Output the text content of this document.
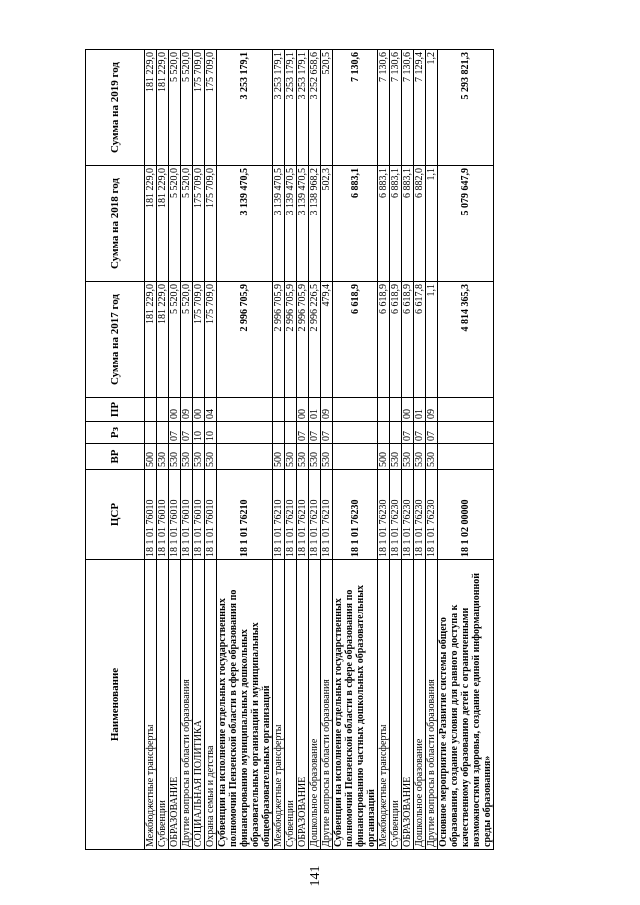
141
Наименование	ЦСР	ВР	Рз	ПР	Сумма на 2017 год	Сумма на 2018 год	Сумма на 2019 год
Межбюджетные трансферты	18 1 01 76010	500			181 229,0	181 229,0	181 229,0
Субвенции	18 1 01 76010	530			181 229,0	181 229,0	181 229,0
ОБРАЗОВАНИЕ	18 1 01 76010	530	07	00	5 520,0	5 520,0	5 520,0
Другие вопросы в области образования	18 1 01 76010	530	07	09	5 520,0	5 520,0	5 520,0
СОЦИАЛЬНАЯ ПОЛИТИКА	18 1 01 76010	530	10	00	175 709,0	175 709,0	175 709,0
Охрана семьи и детства	18 1 01 76010	530	10	04	175 709,0	175 709,0	175 709,0
Субвенции на исполнение отдельных государственных полномочий Пензенской области в сфере образования по финансированию муниципальных дошкольных образовательных организаций и муниципальных общеобразовательных организаций	18 1 01 76210				2 996 705,9	3 139 470,5	3 253 179,1
Межбюджетные трансферты	18 1 01 76210	500			2 996 705,9	3 139 470,5	3 253 179,1
Субвенции	18 1 01 76210	530			2 996 705,9	3 139 470,5	3 253 179,1
ОБРАЗОВАНИЕ	18 1 01 76210	530	07	00	2 996 705,9	3 139 470,5	3 253 179,1
Дошкольное образование	18 1 01 76210	530	07	01	2 996 226,5	3 138 968,2	3 252 658,6
Другие вопросы в области образования	18 1 01 76210	530	07	09	479,4	502,3	520,5
Субвенции на исполнение отдельных государственных полномочий Пензенской области в сфере образования по финансированию частных дошкольных образовательных организаций	18 1 01 76230				6 618,9	6 883,1	7 130,6
Межбюджетные трансферты	18 1 01 76230	500			6 618,9	6 883,1	7 130,6
Субвенции	18 1 01 76230	530			6 618,9	6 883,1	7 130,6
ОБРАЗОВАНИЕ	18 1 01 76230	530	07	00	6 618,9	6 883,1	7 130,6
Дошкольное образование	18 1 01 76230	530	07	01	6 617,8	6 882,0	7 129,4
Другие вопросы в области образования	18 1 01 76230	530	07	09	1,1	1,1	1,2
Основное мероприятие «Развитие системы общего образования, создание условия для равного доступа к качественному образованию детей с ограниченными возможностями здоровья, создание единой информационной среды образования»	18 1 02 00000				4 814 365,3	5 079 647,9	5 293 821,3
